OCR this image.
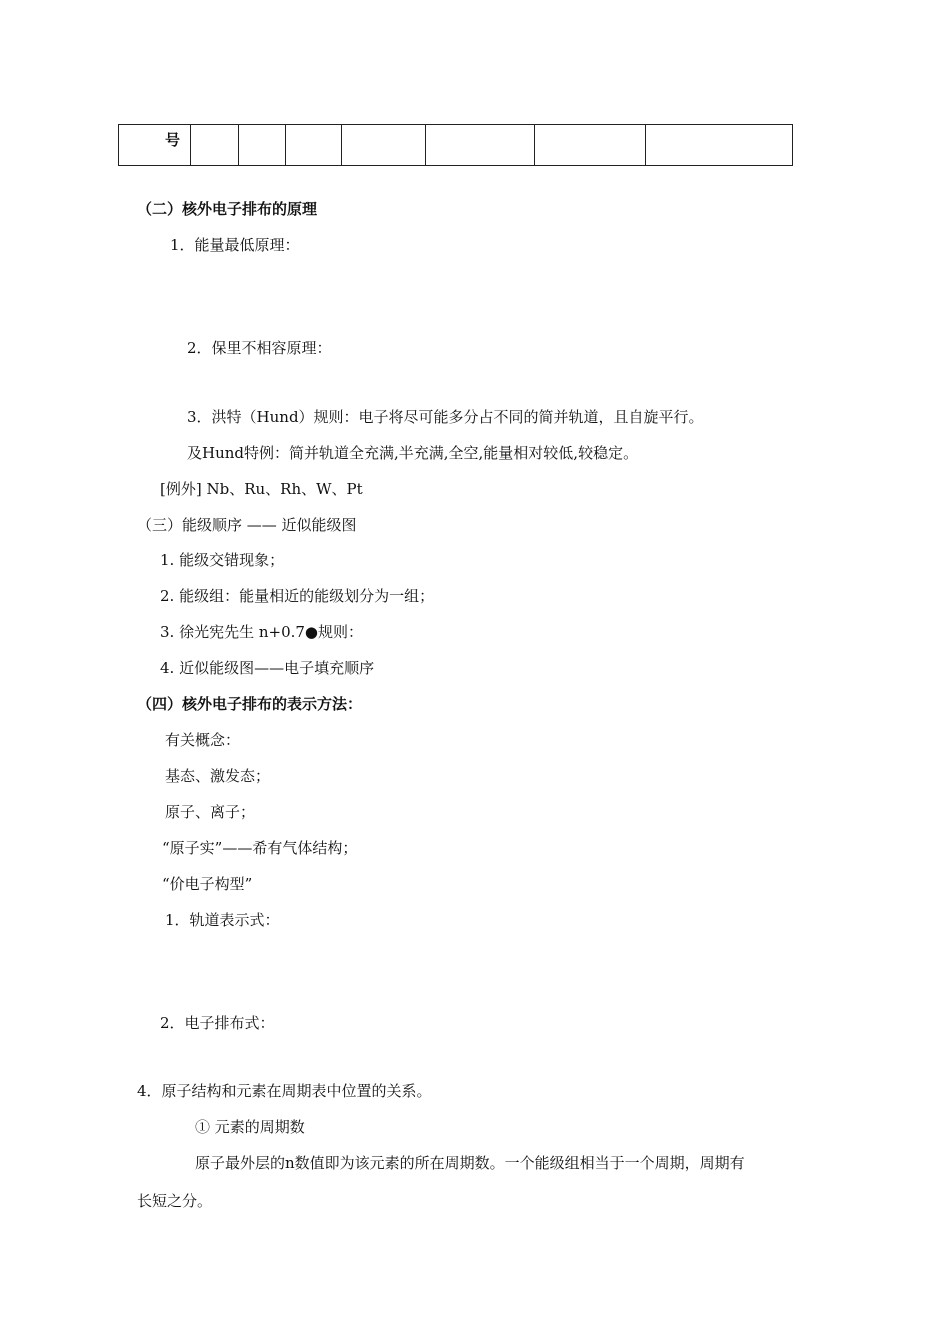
号							
（二）核外电子排布的原理
1．能量最低原理：
2．保里不相容原理：
3．洪特（Hund）规则：电子将尽可能多分占不同的简并轨道，且自旋平行。
及Hund特例：简并轨道全充满,半充满,全空,能量相对较低,较稳定。
[例外] Nb、Ru、Rh、W、Pt
（三）能级顺序 —— 近似能级图
1. 能级交错现象；
2. 能级组：能量相近的能级划分为一组；
3. 徐光宪先生 n+0.7●规则：
4. 近似能级图——电子填充顺序
（四）核外电子排布的表示方法：
有关概念：
基态、激发态；
原子、离子；
“原子实”——希有气体结构；
“价电子构型”
1．轨道表示式：
2．电子排布式：
4．原子结构和元素在周期表中位置的关系。
① 元素的周期数
原子最外层的n数值即为该元素的所在周期数。一个能级组相当于一个周期，周期有
长短之分。
